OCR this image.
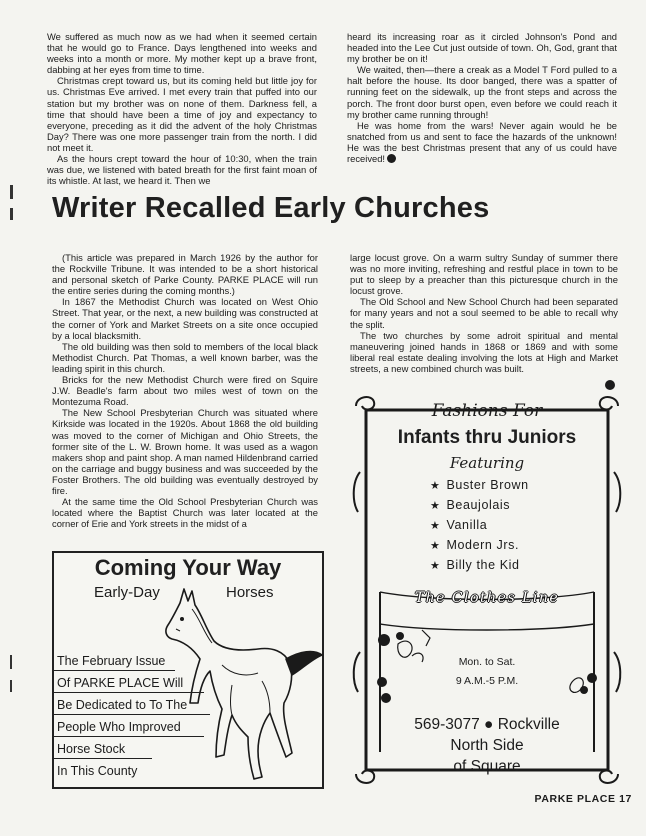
We suffered as much now as we had when it seemed certain that he would go to France. Days lengthened into weeks and weeks into a month or more. My mother kept up a brave front, dabbing at her eyes from time to time.

Christmas crept toward us, but its coming held but little joy for us. Christmas Eve arrived. I met every train that puffed into our station but my brother was on none of them. Darkness fell, a time that should have been a time of joy and expectancy to everyone, preceding as it did the advent of the holy Christmas Day? There was one more passenger train from the north. I did not meet it.

As the hours crept toward the hour of 10:30, when the train was due, we listened with bated breath for the first faint moan of its whistle. At last, we heard it. Then we

heard its increasing roar as it circled Johnson's Pond and headed into the Lee Cut just outside of town. Oh, God, grant that my brother be on it!

We waited, then—there a creak as a Model T Ford pulled to a halt before the house. Its door banged, there was a spatter of running feet on the sidewalk, up the front steps and across the porch. The front door burst open, even before we could reach it my brother came running through!

He was home from the wars! Never again would he be snatched from us and sent to face the hazards of the unknown! He was the best Christmas present that any of us could have received!

Writer Recalled Early Churches

(This article was prepared in March 1926 by the author for the Rockville Tribune. It was intended to be a short historical and personal sketch of Parke County. PARKE PLACE will run the entire series during the coming months.)

In 1867 the Methodist Church was located on West Ohio Street. That year, or the next, a new building was constructed at the corner of York and Market Streets on a site once occupied by a local blacksmith.

The old building was then sold to members of the local black Methodist Church. Pat Thomas, a well known barber, was the leading spirit in this church.

Bricks for the new Methodist Church were fired on Squire J.W. Beadle's farm about two miles west of town on the Montezuma Road.

The New School Presbyterian Church was situated where Kirkside was located in the 1920s. About 1868 the old building was moved to the corner of Michigan and Ohio Streets, the former site of the L. W. Brown home. It was used as a wagon makers shop and paint shop. A man named Hildenbrand carried on the carriage and buggy business and was succeeded by the Foster Brothers. The old building was eventually destroyed by fire.

At the same time the Old School Presbyterian Church was located where the Baptist Church was later located at the corner of Erie and York streets in the midst of a

large locust grove. On a warm sultry Sunday of summer there was no more inviting, refreshing and restful place in town to be put to sleep by a preacher than this picturesque church in the locust grove.

The Old School and New School Church had been separated for many years and not a soul seemed to be able to recall why the split.

The two churches by some adroit spiritual and mental maneuvering joined hands in 1868 or 1869 and with some liberal real estate dealing involving the lots at High and Market streets, a new combined church was built.

Coming Your Way
Early-Day	Horses
The February Issue
Of PARKE PLACE Will
Be Dedicated to To The
People Who Improved
Horse Stock
In This County
Fashions For
Infants thru Juniors
Featuring
★ Buster Brown
★ Beaujolais
★ Vanilla
★ Modern Jrs.
★ Billy the Kid
The Clothes Line
Mon. to Sat.
9 A.M.-5 P.M.
569-3077 ● Rockville
North Side
of Square
PARKE PLACE 17
